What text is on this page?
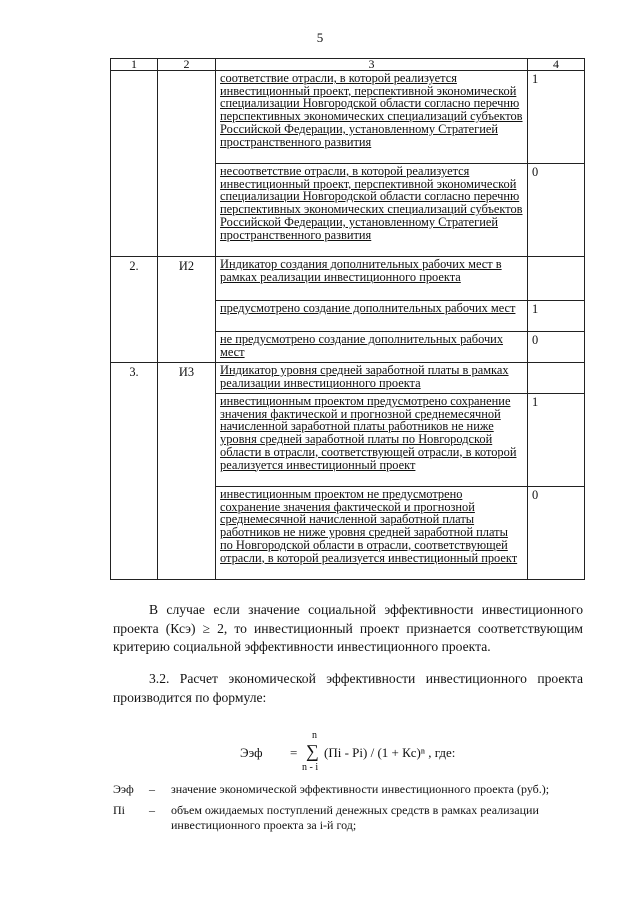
5
1	2	3	4
		соответствие отрасли, в которой реализуется инвестиционный проект, перспективной экономической специализации Новгородской области согласно перечню перспективных экономических специализаций субъектов Российской Федерации, установленному Стратегией пространственного развития	1
		несоответствие отрасли, в которой реализуется инвестиционный проект, перспективной экономической специализации Новгородской области согласно перечню перспективных экономических специализаций субъектов Российской Федерации, установленному Стратегией пространственного развития	0
2.	И2	Индикатор создания дополнительных рабочих мест в рамках реализации инвестиционного проекта	
		предусмотрено создание дополнительных рабочих мест	1
		не предусмотрено создание дополнительных рабочих мест	0
3.	И3	Индикатор уровня средней заработной платы в рамках реализации инвестиционного проекта	
		инвестиционным проектом предусмотрено сохранение значения фактической и прогнозной среднемесячной начисленной заработной платы работников не ниже уровня средней заработной платы по Новгородской области в отрасли, соответствующей отрасли, в которой реализуется инвестиционный проект	1
		инвестиционным проектом не предусмотрено сохранение значения фактической и прогнозной среднемесячной начисленной заработной платы работников не ниже уровня средней заработной платы по Новгородской области в отрасли, соответствующей отрасли, в которой реализуется инвестиционный проект	0

В случае если значение социальной эффективности инвестиционного проекта (Ксэ) ≥ 2, то инвестиционный проект признается соответствующим критерию социальной эффективности инвестиционного проекта.

3.2. Расчет экономической эффективности инвестиционного проекта производится по формуле:

Ээф =
n
∑
n - i
(Пi - Рi) / (1 + Кc)ⁿ , где:
Ээф – значение экономической эффективности инвестиционного проекта (руб.);
Пi – объем ожидаемых поступлений денежных средств в рамках реализации инвестиционного проекта за i-й год;
